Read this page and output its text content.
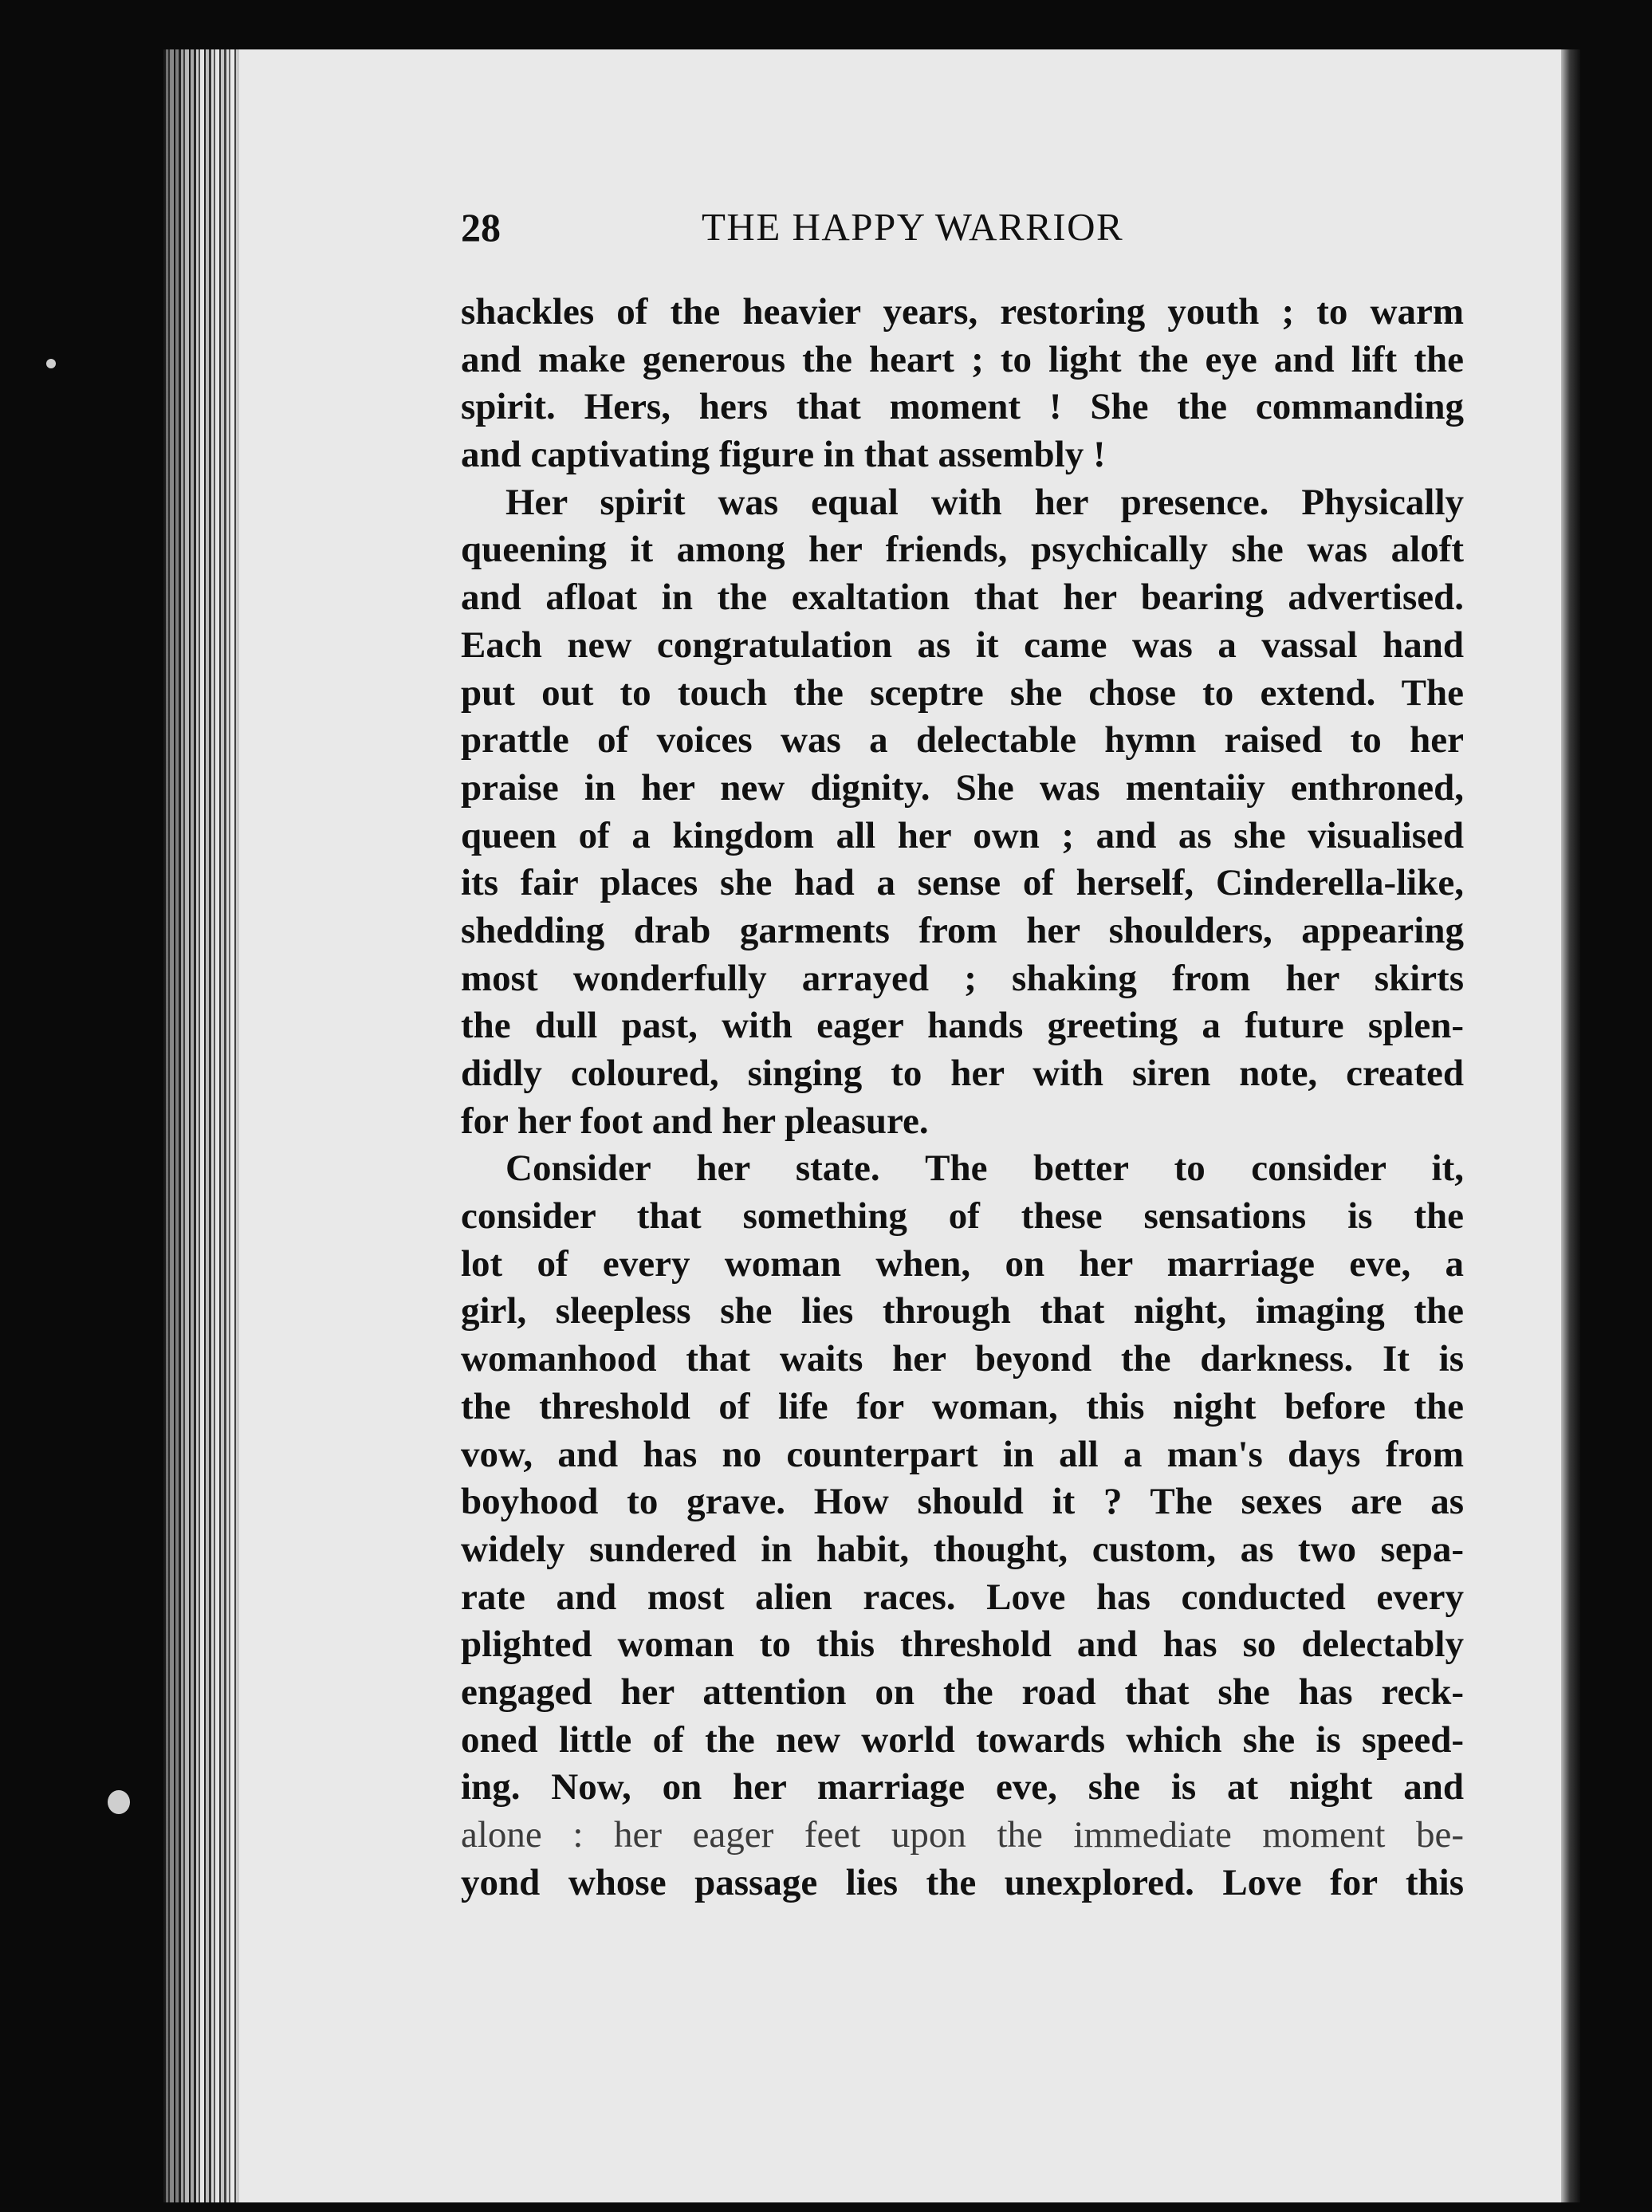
28	THE HAPPY WARRIOR
shackles of the heavier years, restoring youth ; to warm
and make generous the heart ; to light the eye and lift the
spirit. Hers, hers that moment ! She the commanding
and captivating figure in that assembly !
Her spirit was equal with her presence. Physically
queening it among her friends, psychically she was aloft
and afloat in the exaltation that her bearing advertised.
Each new congratulation as it came was a vassal hand
put out to touch the sceptre she chose to extend. The
prattle of voices was a delectable hymn raised to her
praise in her new dignity. She was mentaiiy enthroned,
queen of a kingdom all her own ; and as she visualised
its fair places she had a sense of herself, Cinderella-like,
shedding drab garments from her shoulders, appearing
most wonderfully arrayed ; shaking from her skirts
the dull past, with eager hands greeting a future splen-
didly coloured, singing to her with siren note, created
for her foot and her pleasure.
Consider her state. The better to consider it,
consider that something of these sensations is the
lot of every woman when, on her marriage eve, a
girl, sleepless she lies through that night, imaging the
womanhood that waits her beyond the darkness. It is
the threshold of life for woman, this night before the
vow, and has no counterpart in all a man's days from
boyhood to grave. How should it ? The sexes are as
widely sundered in habit, thought, custom, as two sepa-
rate and most alien races. Love has conducted every
plighted woman to this threshold and has so delectably
engaged her attention on the road that she has reck-
oned little of the new world towards which she is speed-
ing. Now, on her marriage eve, she is at night and
alone : her eager feet upon the immediate moment be-
yond whose passage lies the unexplored. Love for this
